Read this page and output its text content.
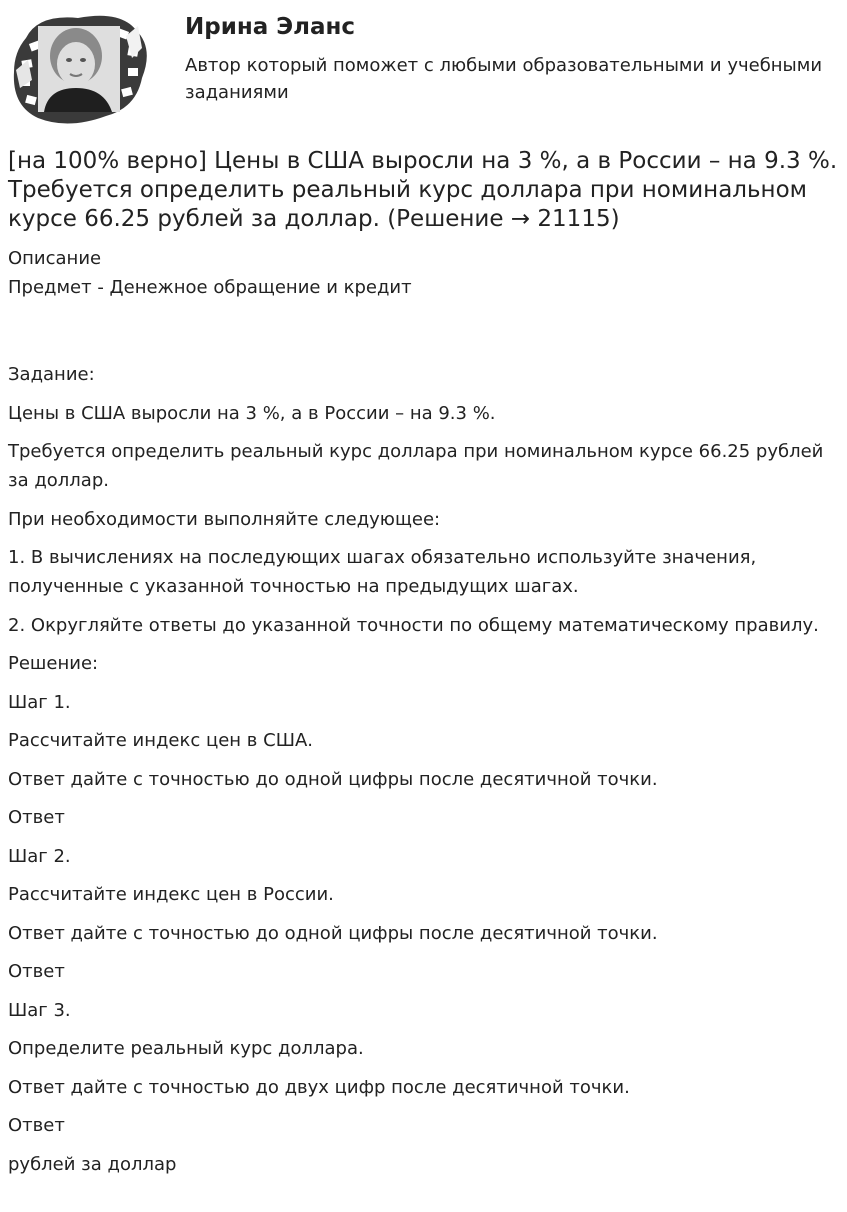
Ирина Эланс
Автор который поможет с любыми образовательными и учебными заданиями
[на 100% верно] Цены в США выросли на 3 %, а в России – на 9.3 %. Требуется определить реальный курс доллара при номинальном курсе 66.25 рублей за доллар. (Решение → 21115)

Описание

Предмет - Денежное обращение и кредит

Задание:

Цены в США выросли на 3 %, а в России – на 9.3 %.

Требуется определить реальный курс доллара при номинальном курсе 66.25 рублей за доллар.

При необходимости выполняйте следующее:

1. В вычислениях на последующих шагах обязательно используйте значения, полученные с указанной точностью на предыдущих шагах.

2. Округляйте ответы до указанной точности по общему математическому правилу.

Решение:

Шаг 1.

Рассчитайте индекс цен в США.

Ответ дайте с точностью до одной цифры после десятичной точки.

Ответ

Шаг 2.

Рассчитайте индекс цен в России.

Ответ дайте с точностью до одной цифры после десятичной точки.

Ответ

Шаг 3.

Определите реальный курс доллара.

Ответ дайте с точностью до двух цифр после десятичной точки.

Ответ

рублей за доллар
